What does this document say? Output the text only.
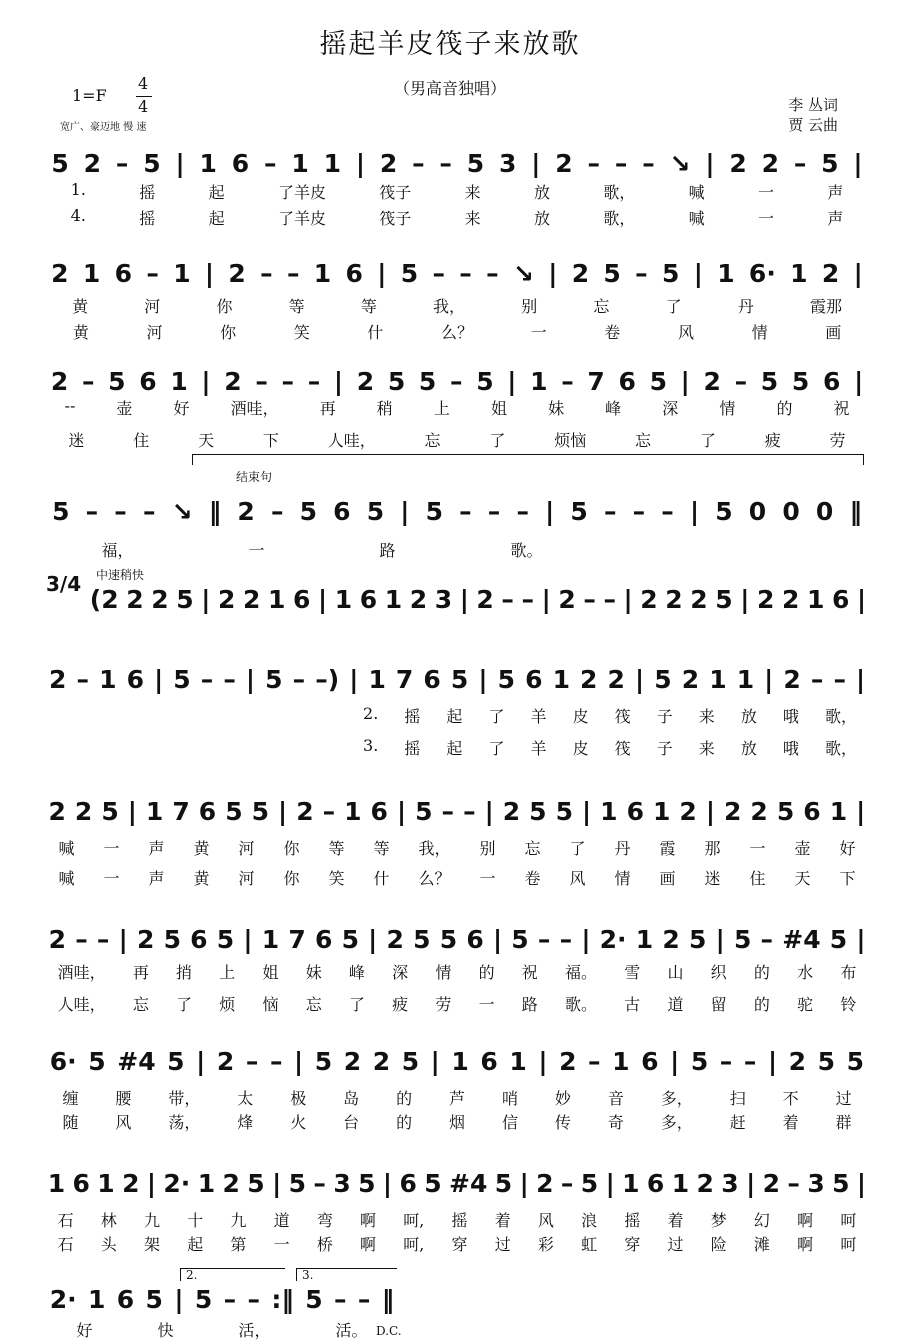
摇起羊皮筏子来放歌
（男高音独唱）
1=F
4
4
宽广、豪迈地 慢 速
李 丛词
贾 云曲
5 2 – 5 | 1 6 – 1 1 | 2 – – 5 3 | 2 – – – ↘ | 2 2 – 5 |
1.	摇	起	了羊皮	筏子	来	放	歌，	喊	一	声
4.	摇	起	了羊皮	筏子	来	放	歌，	喊	一	声
2 1 6 – 1 | 2 – – 1 6 | 5 – – – ↘ | 2 5 – 5 | 1 6· 1 2 |
黄	河	你	等	等	我，	别	忘	了	丹	霞那
黄	河	你	笑	什	么？	一	卷	风	情	画
2 – 5 6 1 | 2 – – – | 2 5 5 – 5 | 1 – 7 6 5 | 2 – 5 5 6 |
--	壶	好	酒哇，	再	稍	上	姐	妹	峰	深	情	的	祝
迷	住	天	下	人哇，	忘	了	烦恼	忘	了	疲	劳
结束句
5 – – – ↘ ‖ 2 – 5 6 5 | 5 – – – | 5 – – – | 5 0 0 0 ‖
福，	一	路	歌。
中速稍快
3/4
(2 2 2 5 | 2 2 1 6 | 1 6 1 2 3 | 2 – – | 2 – – | 2 2 2 5 | 2 2 1 6 |
2 – 1 6 | 5 – – | 5 – –) | 1 7 6 5 | 5 6 1 2 2 | 5 2 1 1 | 2 – – |
2.	摇	起	了	羊	皮	筏	子	来	放	哦	歌，
3.	摇	起	了	羊	皮	筏	子	来	放	哦	歌，
2 2 5 | 1 7 6 5 5 | 2 – 1 6 | 5 – – | 2 5 5 | 1 6 1 2 | 2 2 5 6 1 |
喊	一	声	黄	河	你	等	等	我，	别	忘	了	丹	霞	那	一	壶	好
喊	一	声	黄	河	你	笑	什	么？	一	卷	风	情	画	迷	住	天	下
2 – – | 2 5 6 5 | 1 7 6 5 | 2 5 5 6 | 5 – – | 2· 1 2 5 | 5 – #4 5 |
酒哇，	再	捎	上	姐	妹	峰	深	情	的	祝	福。	雪	山	织	的	水	布
人哇，	忘	了	烦	恼	忘	了	疲	劳	一	路	歌。	古	道	留	的	驼	铃
6· 5 #4 5 | 2 – – | 5 2 2 5 | 1 6 1 | 2 – 1 6 | 5 – – | 2 5 5
缠	腰	带，	太	极	岛	的	芦	哨	妙	音	多，	扫	不	过
随	风	荡，	烽	火	台	的	烟	信	传	奇	多，	赶	着	群
1 6 1 2 | 2· 1 2 5 | 5 – 3 5 | 6 5 #4 5 | 2 – 5 | 1 6 1 2 3 | 2 – 3 5 |
石	林	九	十	九	道	弯	啊	呵,	摇	着	风	浪	摇	着	梦	幻	啊	呵
石	头	架	起	第	一	桥	啊	呵,	穿	过	彩	虹	穿	过	险	滩	啊	呵
2.	3.
2· 1 6 5 | 5 – – :‖ 5 – – ‖
好	快	活，	活。 D.C.
